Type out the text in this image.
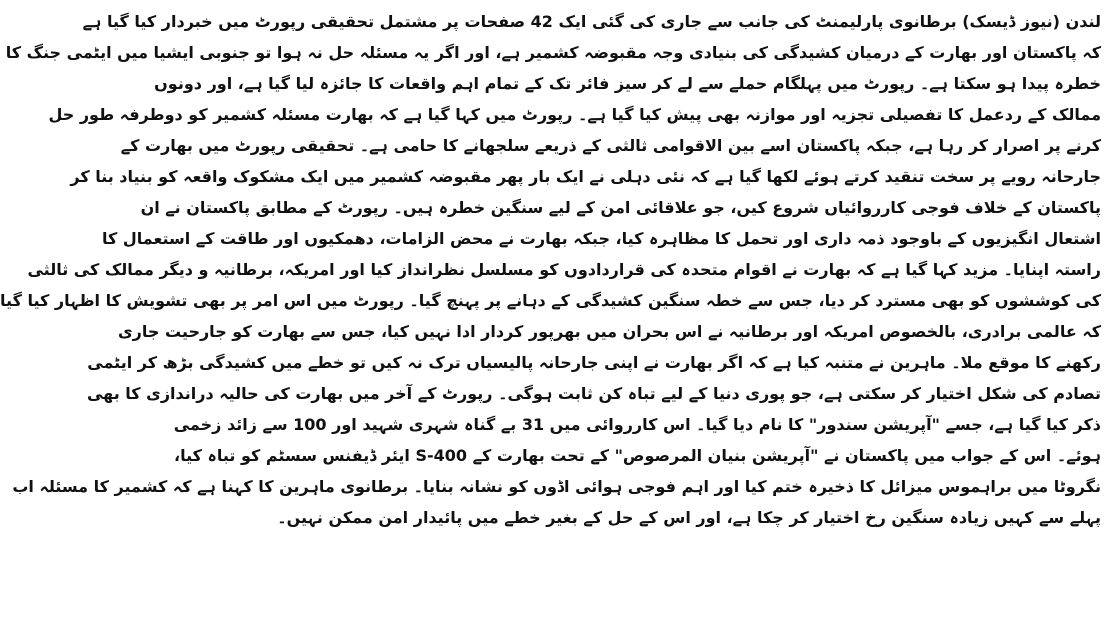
لندن (نیوز ڈیسک) برطانوی پارلیمنٹ کی جانب سے جاری کی گئی ایک 42 صفحات پر مشتمل تحقیقی رپورٹ میں خبردار کیا گیا ہے
کہ پاکستان اور بھارت کے درمیان کشیدگی کی بنیادی وجہ مقبوضہ کشمیر ہے، اور اگر یہ مسئلہ حل نہ ہوا تو جنوبی ایشیا میں ایٹمی جنگ کا
خطرہ پیدا ہو سکتا ہے۔ رپورٹ میں پہلگام حملے سے لے کر سیز فائر تک کے تمام اہم واقعات کا جائزہ لیا گیا ہے، اور دونوں
ممالک کے ردعمل کا تفصیلی تجزیہ اور موازنہ بھی پیش کیا گیا ہے۔ رپورٹ میں کہا گیا ہے کہ بھارت مسئلہ کشمیر کو دوطرفہ طور حل
کرنے پر اصرار کر رہا ہے، جبکہ پاکستان اسے بین الاقوامی ثالثی کے ذریعے سلجھانے کا حامی ہے۔ تحقیقی رپورٹ میں بھارت کے
جارحانہ رویے پر سخت تنقید کرتے ہوئے لکھا گیا ہے کہ نئی دہلی نے ایک بار پھر مقبوضہ کشمیر میں ایک مشکوک واقعہ کو بنیاد بنا کر
پاکستان کے خلاف فوجی کارروائیاں شروع کیں، جو علاقائی امن کے لیے سنگین خطرہ ہیں۔ رپورٹ کے مطابق پاکستان نے ان
اشتعال انگیزیوں کے باوجود ذمہ داری اور تحمل کا مظاہرہ کیا، جبکہ بھارت نے محض الزامات، دھمکیوں اور طاقت کے استعمال کا
راستہ اپنایا۔ مزید کہا گیا ہے کہ بھارت نے اقوام متحدہ کی قراردادوں کو مسلسل نظرانداز کیا اور امریکہ، برطانیہ و دیگر ممالک کی ثالثی
کی کوششوں کو بھی مسترد کر دیا، جس سے خطہ سنگین کشیدگی کے دہانے پر پہنچ گیا۔ رپورٹ میں اس امر پر بھی تشویش کا اظہار کیا گیا
کہ عالمی برادری، بالخصوص امریکہ اور برطانیہ نے اس بحران میں بھرپور کردار ادا نہیں کیا، جس سے بھارت کو جارحیت جاری
رکھنے کا موقع ملا۔ ماہرین نے متنبہ کیا ہے کہ اگر بھارت نے اپنی جارحانہ پالیسیاں ترک نہ کیں تو خطے میں کشیدگی بڑھ کر ایٹمی
تصادم کی شکل اختیار کر سکتی ہے، جو پوری دنیا کے لیے تباہ کن ثابت ہوگی۔ رپورٹ کے آخر میں بھارت کی حالیہ دراندازی کا بھی
ذکر کیا گیا ہے، جسے "آپریشن سندور" کا نام دیا گیا۔ اس کارروائی میں 31 بے گناہ شہری شہید اور 100 سے زائد زخمی
ہوئے۔ اس کے جواب میں پاکستان نے "آپریشن بنیان المرصوص" کے تحت بھارت کے S-400 ایئر ڈیفنس سسٹم کو تباہ کیا،
نگروٹا میں براہموس میزائل کا ذخیرہ ختم کیا اور اہم فوجی ہوائی اڈوں کو نشانہ بنایا۔ برطانوی ماہرین کا کہنا ہے کہ کشمیر کا مسئلہ اب
پہلے سے کہیں زیادہ سنگین رخ اختیار کر چکا ہے، اور اس کے حل کے بغیر خطے میں پائیدار امن ممکن نہیں۔
